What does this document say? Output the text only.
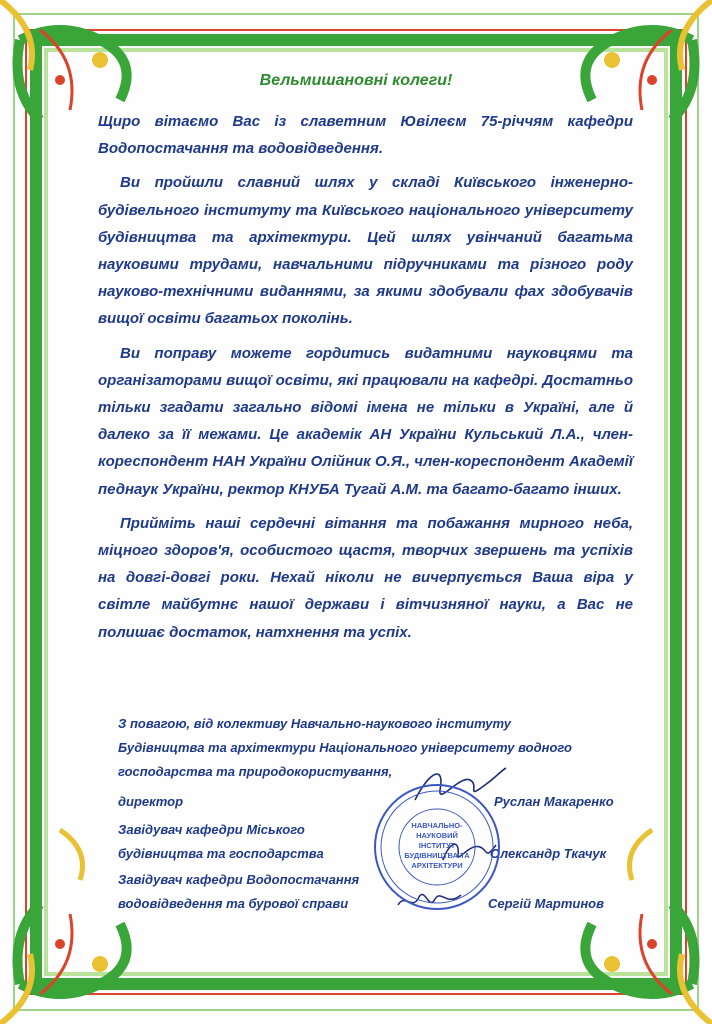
Вельмишановні колеги!

Щиро вітаємо Вас із славетним Ювілеєм 75-річчям кафедри Водопостачання та водовідведення.

Ви пройшли славний шлях у складі Київського інженерно-будівельного інституту та Київського національного університету будівництва та архітектури. Цей шлях увінчаний багатьма науковими трудами, навчальними підручниками та різного роду науково-технічними виданнями, за якими здобували фах здобувачів вищої освіти багатьох поколінь.

Ви поправу можете гордитись видатними науковцями та організаторами вищої освіти, які працювали на кафедрі. Достатньо тільки згадати загально відомі імена не тільки в Україні, але й далеко за її межами. Це академік АН України Кульський Л.А., член-кореспондент НАН України Олійник О.Я., член-кореспондент Академії педнаук України, ректор КНУБА Тугай А.М. та багато-багато інших.

Прийміть наші сердечні вітання та побажання мирного неба, міцного здоров'я, особистого щастя, творчих звершень та успіхів на довгі-довгі роки. Нехай ніколи не вичерпується Ваша віра у світле майбутнє нашої держави і вітчизняної науки, а Вас не полишає достаток, натхнення та успіх.

З повагою, від колективу Навчально-наукового інституту
Будівництва та архітектури Національного університету водного
господарства та природокористування,
директор	Руслан Макаренко
Завідувач кафедри Міського
будівництва та господарства	Олександр Ткачук
Завідувач кафедри Водопостачання
водовідведення та бурової справи	Сергій Мартинов
НАВЧАЛЬНО-
НАУКОВИЙ
ІНСТИТУТ
БУДІВНИЦТВА ТА
АРХІТЕКТУРИ
